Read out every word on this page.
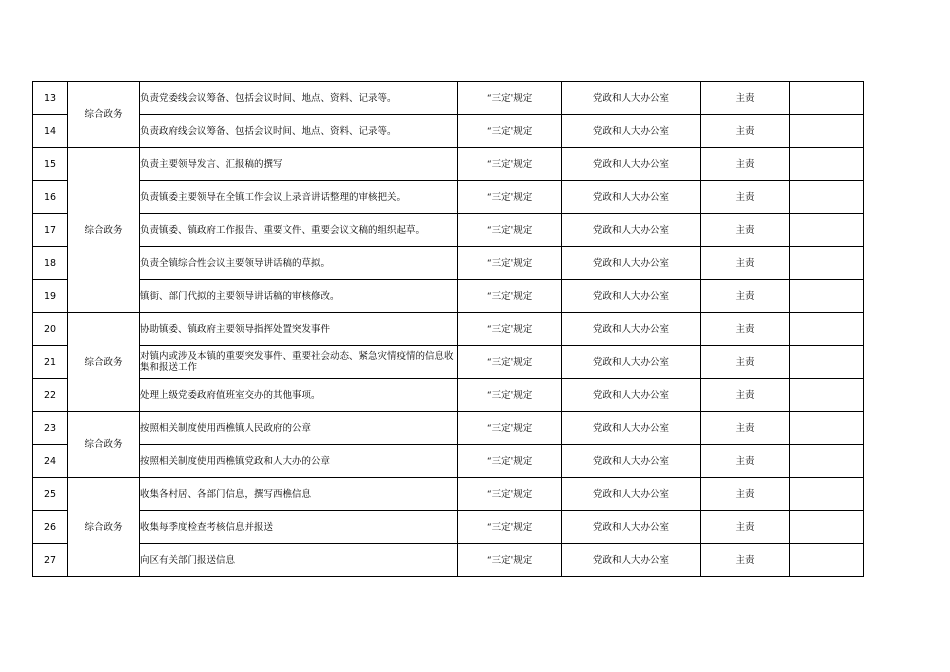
13	综合政务	负责党委线会议筹备、包括会议时间、地点、资料、记录等。	“三定'规定	党政和人大办公室	主责	
14		负责政府线会议筹备、包括会议时间、地点、资料、记录等。	“三定'规定	党政和人大办公室	主责	
15	综合政务	负责主要领导发言、汇报稿的撰写	“三定'规定	党政和人大办公室	主责	
16		负责镇委主要领导在全镇工作会议上录音讲话整理的审核把关。	“三定'规定	党政和人大办公室	主责	
17		负责镇委、镇政府工作报告、重要文件、重要会议文稿的组织起草。	“三定'规定	党政和人大办公室	主责	
18		负责全镇综合性会议主要领导讲话稿的草拟。	“三定'规定	党政和人大办公室	主责	
19		镇街、部门代拟的主要领导讲话稿的审核修改。	“三定'规定	党政和人大办公室	主责	
20	综合政务	协助镇委、镇政府主要领导指挥处置突发事件	“三定'规定	党政和人大办公室	主责	
21		对镇内或涉及本镇的重要突发事件、重要社会动态、紧急灾情疫情的信息收集和报送工作	“三定'规定	党政和人大办公室	主责	
22		处理上级党委政府值班室交办的其他事项。	“三定'规定	党政和人大办公室	主责	
23	综合政务	按照相关制度使用西樵镇人民政府的公章	“三定'规定	党政和人大办公室	主责	
24		按照相关制度使用西樵镇党政和人大办的公章	“三定'规定	党政和人大办公室	主责	
25	综合政务	收集各村居、各部门信息，撰写西樵信息	“三定'规定	党政和人大办公室	主责	
26		收集每季度检查考核信息并报送	“三定'规定	党政和人大办公室	主责	
27		向区有关部门报送信息	“三定'规定	党政和人大办公室	主责	
